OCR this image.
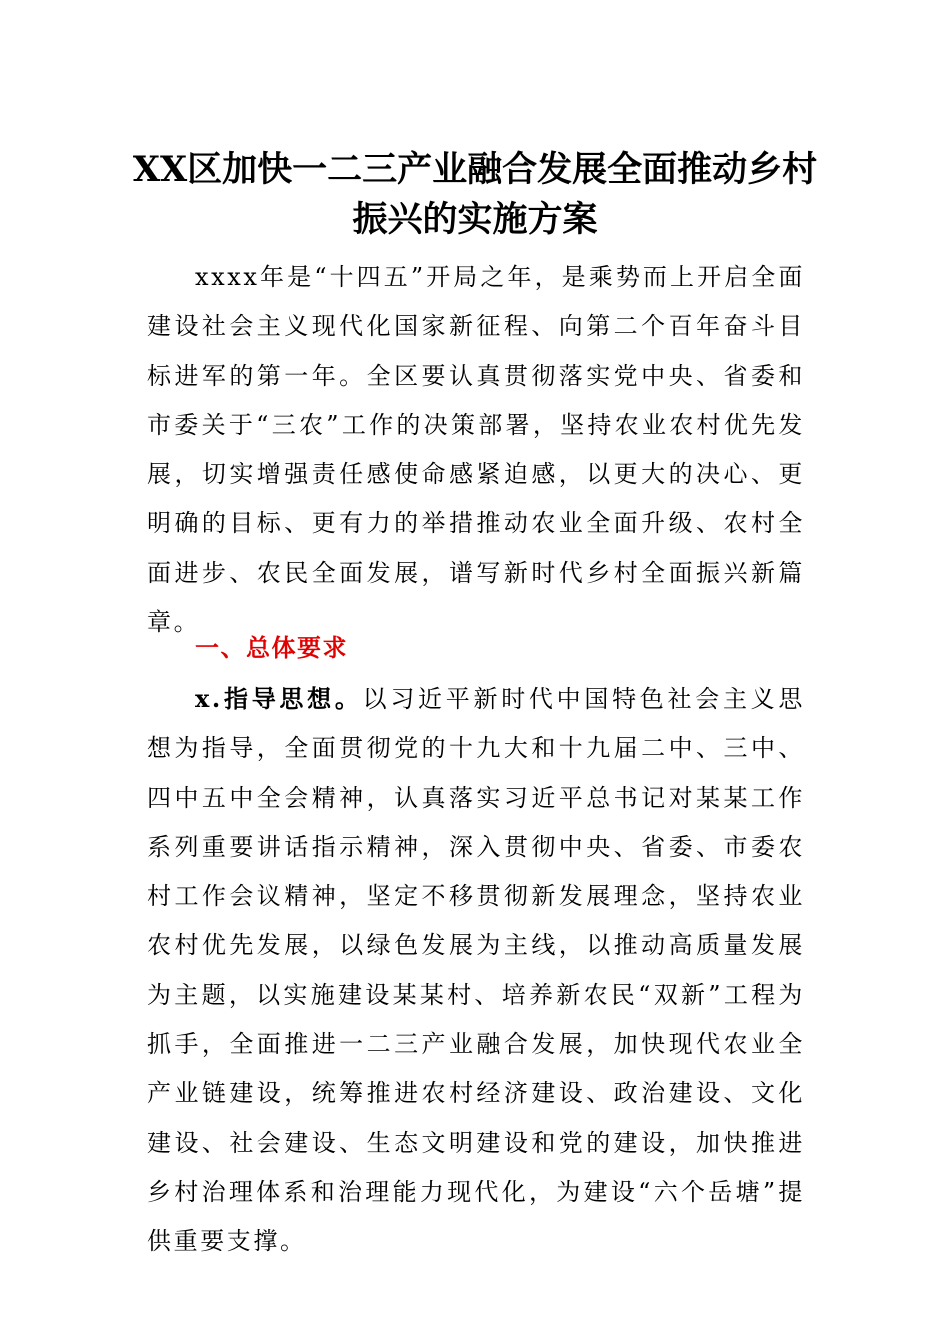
XX区加快一二三产业融合发展全面推动乡村振兴的实施方案

xxxx年是“十四五”开局之年，是乘势而上开启全面建设社会主义现代化国家新征程、向第二个百年奋斗目标进军的第一年。全区要认真贯彻落实党中央、省委和市委关于“三农”工作的决策部署，坚持农业农村优先发展，切实增强责任感使命感紧迫感，以更大的决心、更明确的目标、更有力的举措推动农业全面升级、农村全面进步、农民全面发展，谱写新时代乡村全面振兴新篇章。

一、总体要求

x.指导思想。以习近平新时代中国特色社会主义思想为指导，全面贯彻党的十九大和十九届二中、三中、四中五中全会精神，认真落实习近平总书记对某某工作系列重要讲话指示精神，深入贯彻中央、省委、市委农村工作会议精神，坚定不移贯彻新发展理念，坚持农业农村优先发展，以绿色发展为主线，以推动高质量发展为主题，以实施建设某某村、培养新农民“双新”工程为抓手，全面推进一二三产业融合发展，加快现代农业全产业链建设，统筹推进农村经济建设、政治建设、文化建设、社会建设、生态文明建设和党的建设，加快推进乡村治理体系和治理能力现代化，为建设“六个岳塘”提供重要支撑。
